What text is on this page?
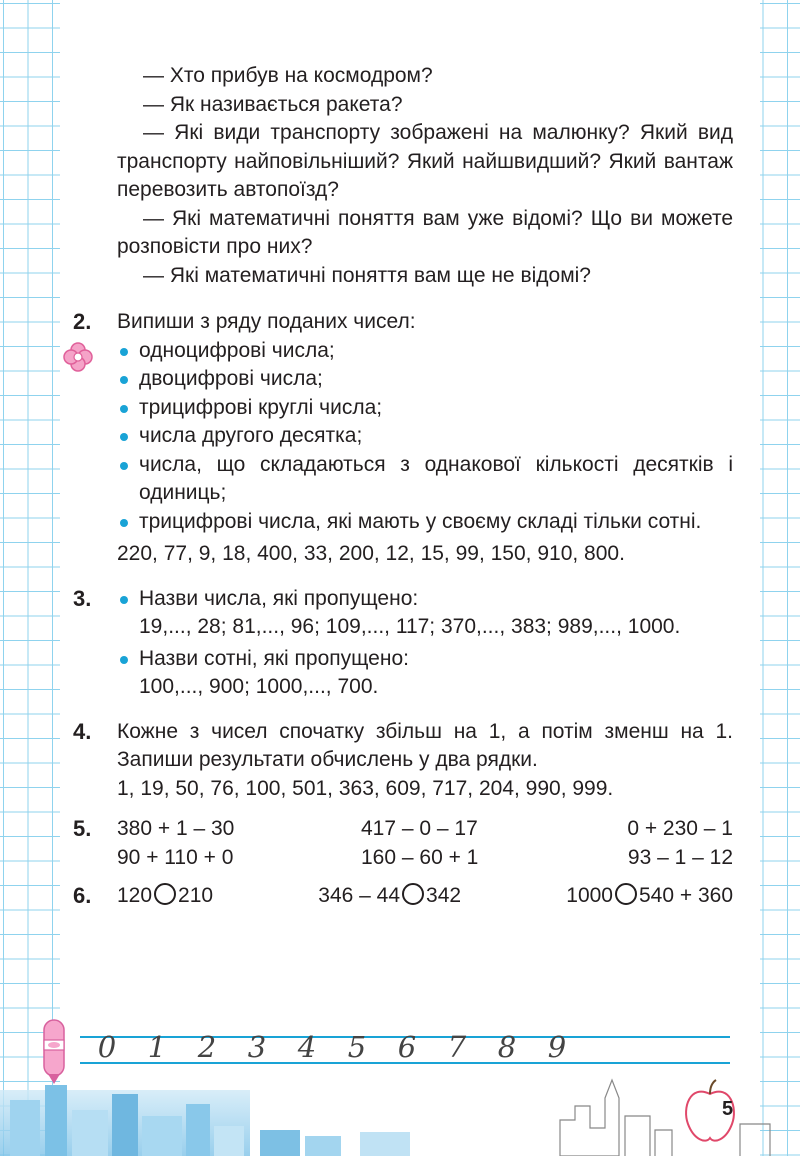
— Хто прибув на космодром?

— Як називається ракета?

— Які види транспорту зображені на малюнку? Який вид транспорту найповільніший? Який найшвидший? Який вантаж перевозить автопоїзд?

— Які математичні поняття вам уже відомі? Що ви можете розповісти про них?

— Які математичні поняття вам ще не відомі?

2. Випиши з ряду поданих чисел:

одноцифрові числа;
двоцифрові числа;
трицифрові круглі числа;
числа другого десятка;
числа, що складаються з однакової кількості десятків і одиниць;
трицифрові числа, які мають у своєму складі тільки сотні.

220, 77, 9, 18, 400, 33, 200, 12, 15, 99, 150, 910, 800.

3.	Назви числа, які пропущено:

19,..., 28; 81,..., 96; 109,..., 117; 370,..., 383; 989,..., 1000.

Назви сотні, які пропущено:

100,..., 900; 1000,..., 700.

4. Кожне з чисел спочатку збільш на 1, а потім зменш на 1. Запиши результати обчислень у два рядки.

1, 19, 50, 76, 100, 501, 363, 609, 717, 204, 990, 999.

5. 380 + 1 – 30	417 – 0 – 17	0 + 230 – 1
90 + 110 + 0	160 – 60 + 1	93 – 1 – 12
6. 120 210	346 – 44 342	1000 540 + 360
0	1	2	3	4	5	6	7	8	9
5
